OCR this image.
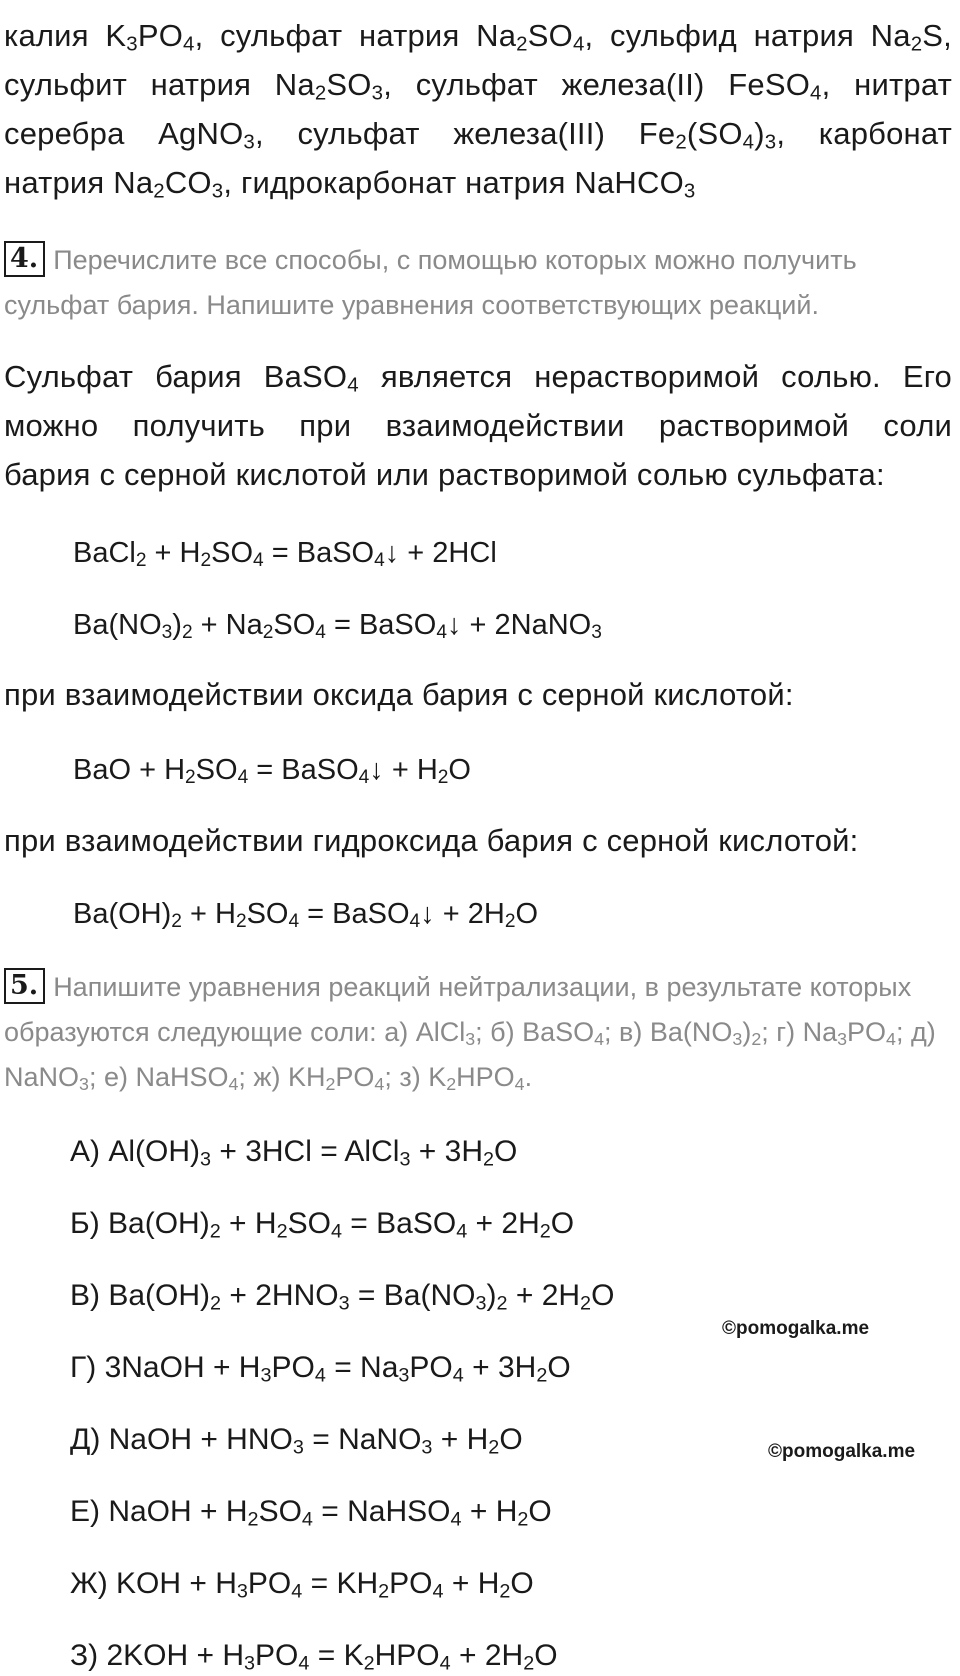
калия $K_3PO_4$, сульфат натрия $Na_2SO_4$, сульфид натрия $Na_2S$,

сульфит натрия $Na_2SO_3$, сульфат железа(II) FeSO$_4$, нитрат

серебра AgNO$_3$, сульфат железа(III) $Fe_2(SO_4)_3$, карбонат

натрия $Na_2CO_3$, гидрокарбонат натрия NaHCO$_3$

4. Перечислите все способы, с помощью которых можно получить сульфат бария. Напишите уравнения соответствующих реакций.

Сульфат бария BaSO$_4$ является нерастворимой солью. Его

можно получить при взаимодействии растворимой соли

бария с серной кислотой или растворимой солью сульфата:

BaCl$_2$ + $H_2SO_4$ = BaSO$_4$↓ + 2HCl

$Ba(NO_3)_2 + Na_2SO_4$ = BaSO$_4$↓ + 2NaNO$_3$

при взаимодействии оксида бария с серной кислотой:

BaO + $H_2SO_4$ = BaSO$_4$↓ + $H_2O$

при взаимодействии гидроксида бария с серной кислотой:

$Ba(OH)_2 + H_2SO_4$ = BaSO$_4$↓ + $2H_2O$

5. Напишите уравнения реакций нейтрализации, в результате которых образуются следующие соли: а) AlCl$_3$; б) BaSO$_4$; в) $Ba(NO_3)_2$; г) $Na_3PO_4$; д) NaNO$_3$; е) NaHSO$_4$; ж) $KH_2PO_4$; з) $K_2HPO_4$.

А) $Al(OH)_3 + 3HCl$ = AlCl$_3$ + $3H_2O$

Б) $Ba(OH)_2 + H_2SO_4$ = BaSO$_4$ + $2H_2O$

В) $Ba(OH)_2 + 2HNO_3 = Ba(NO_3)_2 + 2H_2O$

Г) 3NaOH + $H_3PO_4 = Na_3PO_4 + 3H_2O$

Д) NaOH + $HNO_3$ = NaNO$_3$ + $H_2O$

Е) NaOH + $H_2SO_4$ = NaHSO$_4$ + $H_2O$

Ж) KOH + $H_3PO_4 = KH_2PO_4 + H_2O$

З) $2KOH + H_3PO_4 = K_2HPO_4 + 2H_2O$

©pomogalka.me

©pomogalka.me
